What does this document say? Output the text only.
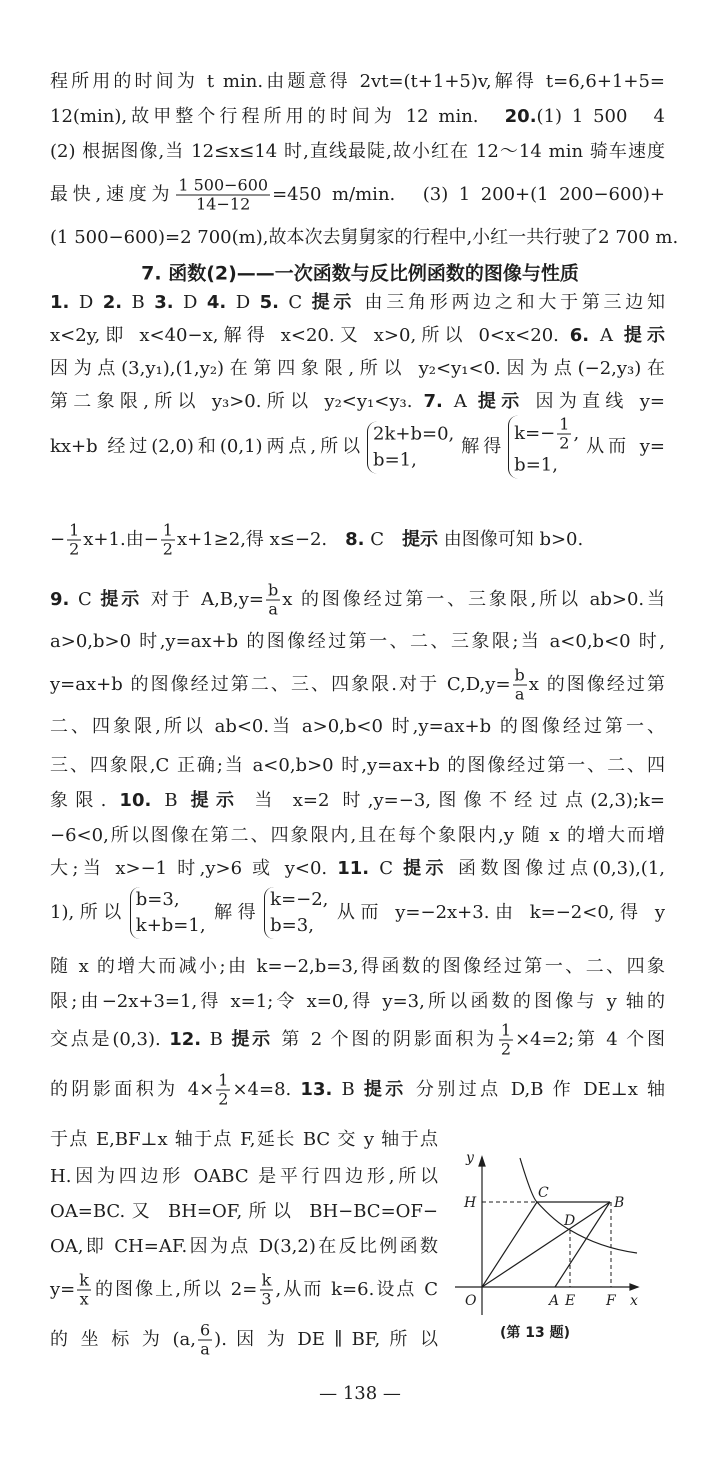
程所用的时间为 t min.由题意得 2vt=(t+1+5)v,解得 t=6,6+1+5=
12(min),故甲整个行程所用的时间为 12 min.　20.(1) 1 500　4
(2) 根据图像,当 12≤x≤14 时,直线最陡,故小红在 12～14 min 骑车速度
最快,速度为 $\frac{1 500-600}{14-12} =450$ m/min.　(3) 1 200+(1 200−600)+
(1 500−600)=2 700(m),故本次去舅舅家的行程中,小红一共行驶了2 700 m.
1. D 2. B 3. D 4. D 5. C 提示 由三角形两边之和大于第三边知
x<2y,即 x<40−x,解得 x<20.又 x>0,所以 0<x<20. 6. A 提示
因为点(3,y₁),(1,y₂)在第四象限,所以 y₂<y₁<0.因为点(−2,y₃)在
第二象限,所以 y₃>0.所以 y₂<y₁<y₃. 7. A 提示 因为直线 y=
kx+b 经过(2,0)和(0,1)两点,所以
2k+b=0,
b=1,
解得
$k=- \frac{1}{2}$ ,
b=1,
从而 y=
− $\frac{1}{2} x+1$.由− $\frac{1}{2} x+1\ge 2$,得 x≤−2.　8. C　提示 由图像可知 b>0.
9. C 提示 对于 $A,B,y= \frac{b}{a}$ x 的图像经过第一、三象限,所以 ab>0.当
a>0,b>0 时,y=ax+b 的图像经过第一、二、三象限;当 a<0,b<0 时,
y=ax+b 的图像经过第二、三、四象限.对于 $C,D,y= \frac{b}{a}$ x 的图像经过第
二、四象限,所以 ab<0.当 a>0,b<0 时,y=ax+b 的图像经过第一、
三、四象限,C 正确;当 a<0,b>0 时,y=ax+b 的图像经过第一、二、四
象限. 10. B 提示 当 x=2 时,y=−3,图像不经过点(2,3);k=
−6<0,所以图像在第二、四象限内,且在每个象限内,y 随 x 的增大而增
大;当 x>−1 时,y>6 或 y<0. 11. C 提示 函数图像过点(0,3),(1,
1),所以
b=3,
k+b=1,
解得
k=−2,
b=3,
从而 y=−2x+3.由 k=−2<0,得 y
随 x 的增大而减小;由 k=−2,b=3,得函数的图像经过第一、二、四象
限;由−2x+3=1,得 x=1;令 x=0,得 y=3,所以函数的图像与 y 轴的
交点是(0,3). 12. B 提示 第 2 个图的阴影面积为 $\frac{1}{2} \times 4=2$;第 4 个图
的阴影面积为 $4\times \frac{1}{2} \times 4=8$. 13. B 提示 分别过点 D,B 作 DE⊥x 轴
于点 E,BF⊥x 轴于点 F,延长 BC 交 y 轴于点
H.因为四边形 OABC 是平行四边形,所以
OA=BC.又 BH=OF,所以 BH−BC=OF−
OA,即 CH=AF.因为点 D(3,2)在反比例函数
$y= \frac{k}{x}$ 的图像上,所以 $2= \frac{k}{3}$ ,从而 k=6.设点 C
的 坐 标 为 (a, $\frac{6}{a}$ ). 因 为 DE ∥ BF, 所 以
7. 函数(2)——一次函数与反比例函数的图像与性质
y
x
O
H
C
B
D
A E F
(第 13 题)
— 138 —
